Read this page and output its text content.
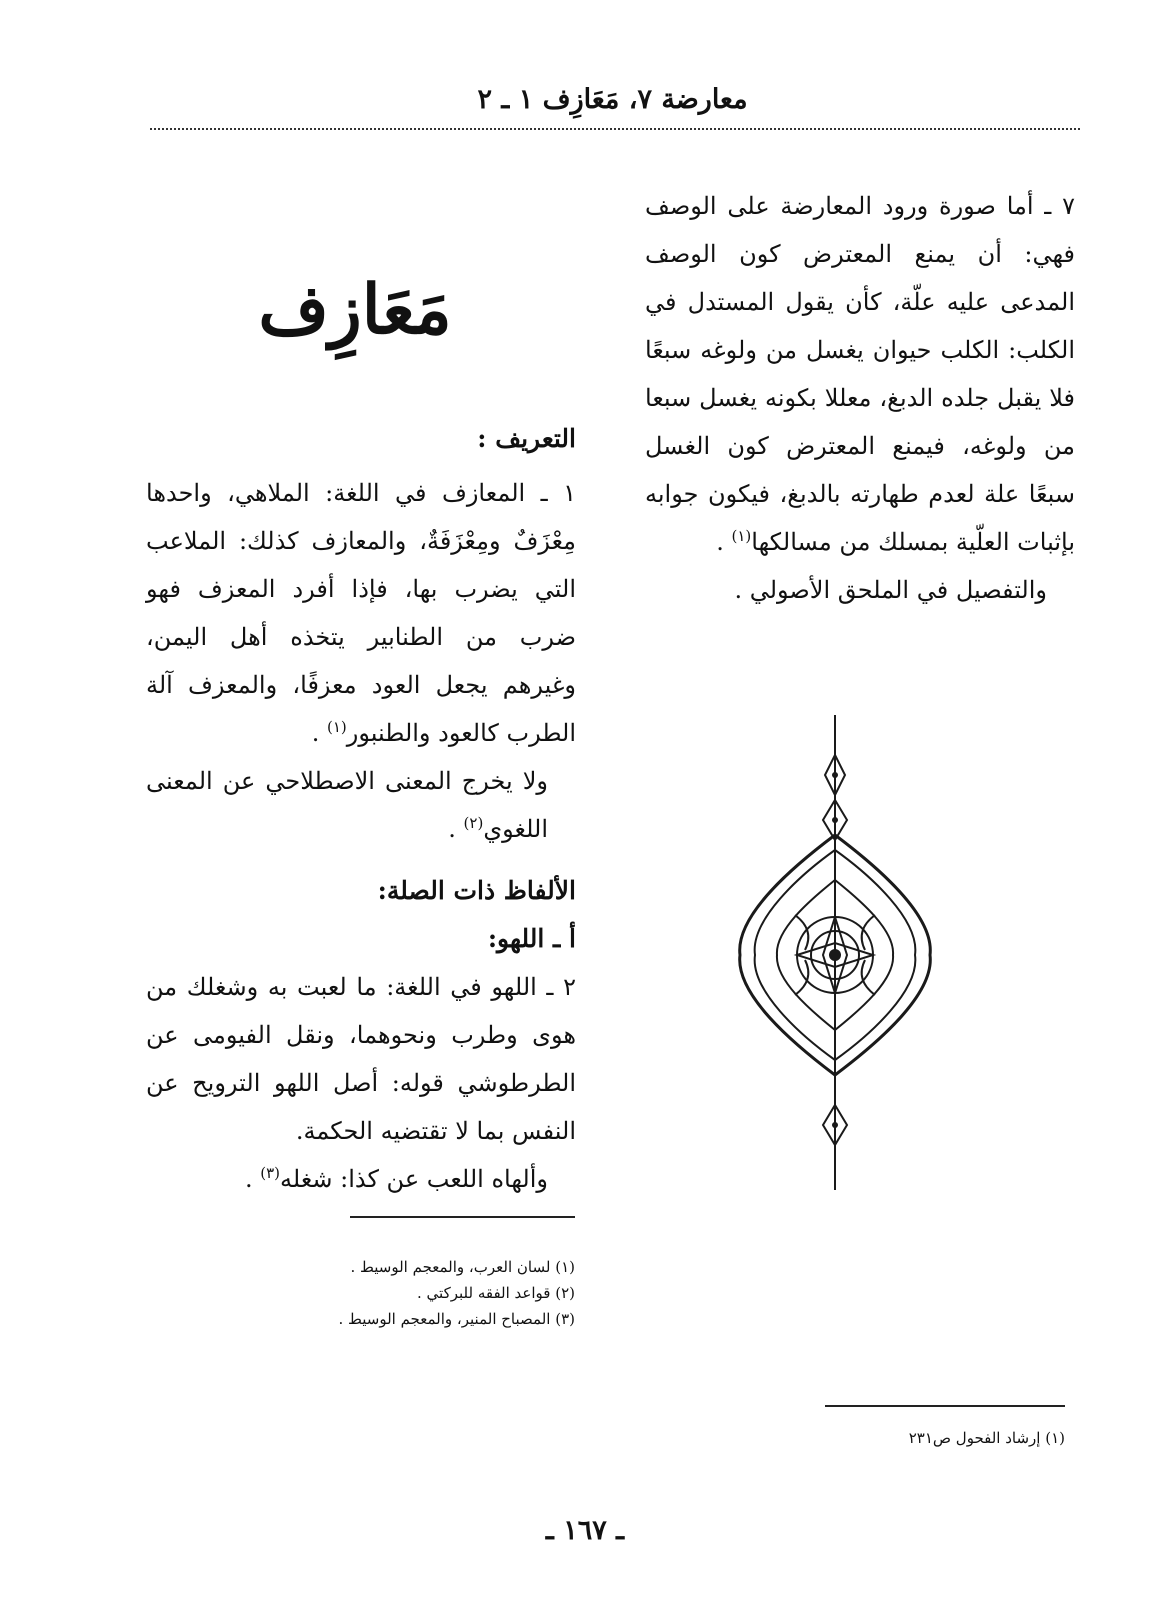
معارضة ٧، مَعَازِف ١ ـ ٢

٧ ـ أما صورة ورود المعارضة على الوصف فهي: أن يمنع المعترض كون الوصف المدعى عليه علّة، كأن يقول المستدل في الكلب: الكلب حيوان يغسل من ولوغه سبعًا فلا يقبل جلده الدبغ، معللا بكونه يغسل سبعا من ولوغه، فيمنع المعترض كون الغسل سبعًا علة لعدم طهارته بالدبغ، فيكون جوابه بإثبات العلّية بمسلك من مسالكها$^{(١)}$ .

والتفصيل في الملحق الأصولي .

مَعَازِف

التعريف :

١ ـ المعازف في اللغة: الملاهي، واحدها مِعْزَفٌ ومِعْزَفَةٌ، والمعازف كذلك: الملاعب التي يضرب بها، فإذا أفرد المعزف فهو ضرب من الطنابير يتخذه أهل اليمن، وغيرهم يجعل العود معزفًا، والمعزف آلة الطرب كالعود والطنبور$^{(١)}$ .

ولا يخرج المعنى الاصطلاحي عن المعنى اللغوي$^{(٢)}$ .

الألفاظ ذات الصلة:

أ ـ اللهو:

٢ ـ اللهو في اللغة: ما لعبت به وشغلك من هوى وطرب ونحوهما، ونقل الفيومى عن الطرطوشي قوله: أصل اللهو الترويح عن النفس بما لا تقتضيه الحكمة.

وألهاه اللعب عن كذا: شغله$^{(٣)}$ .

(١) لسان العرب، والمعجم الوسيط .
(٢) قواعد الفقه للبركتي .
(٣) المصباح المنير، والمعجم الوسيط .
(١) إرشاد الفحول ص٢٣١
ـ ١٦٧ ـ
